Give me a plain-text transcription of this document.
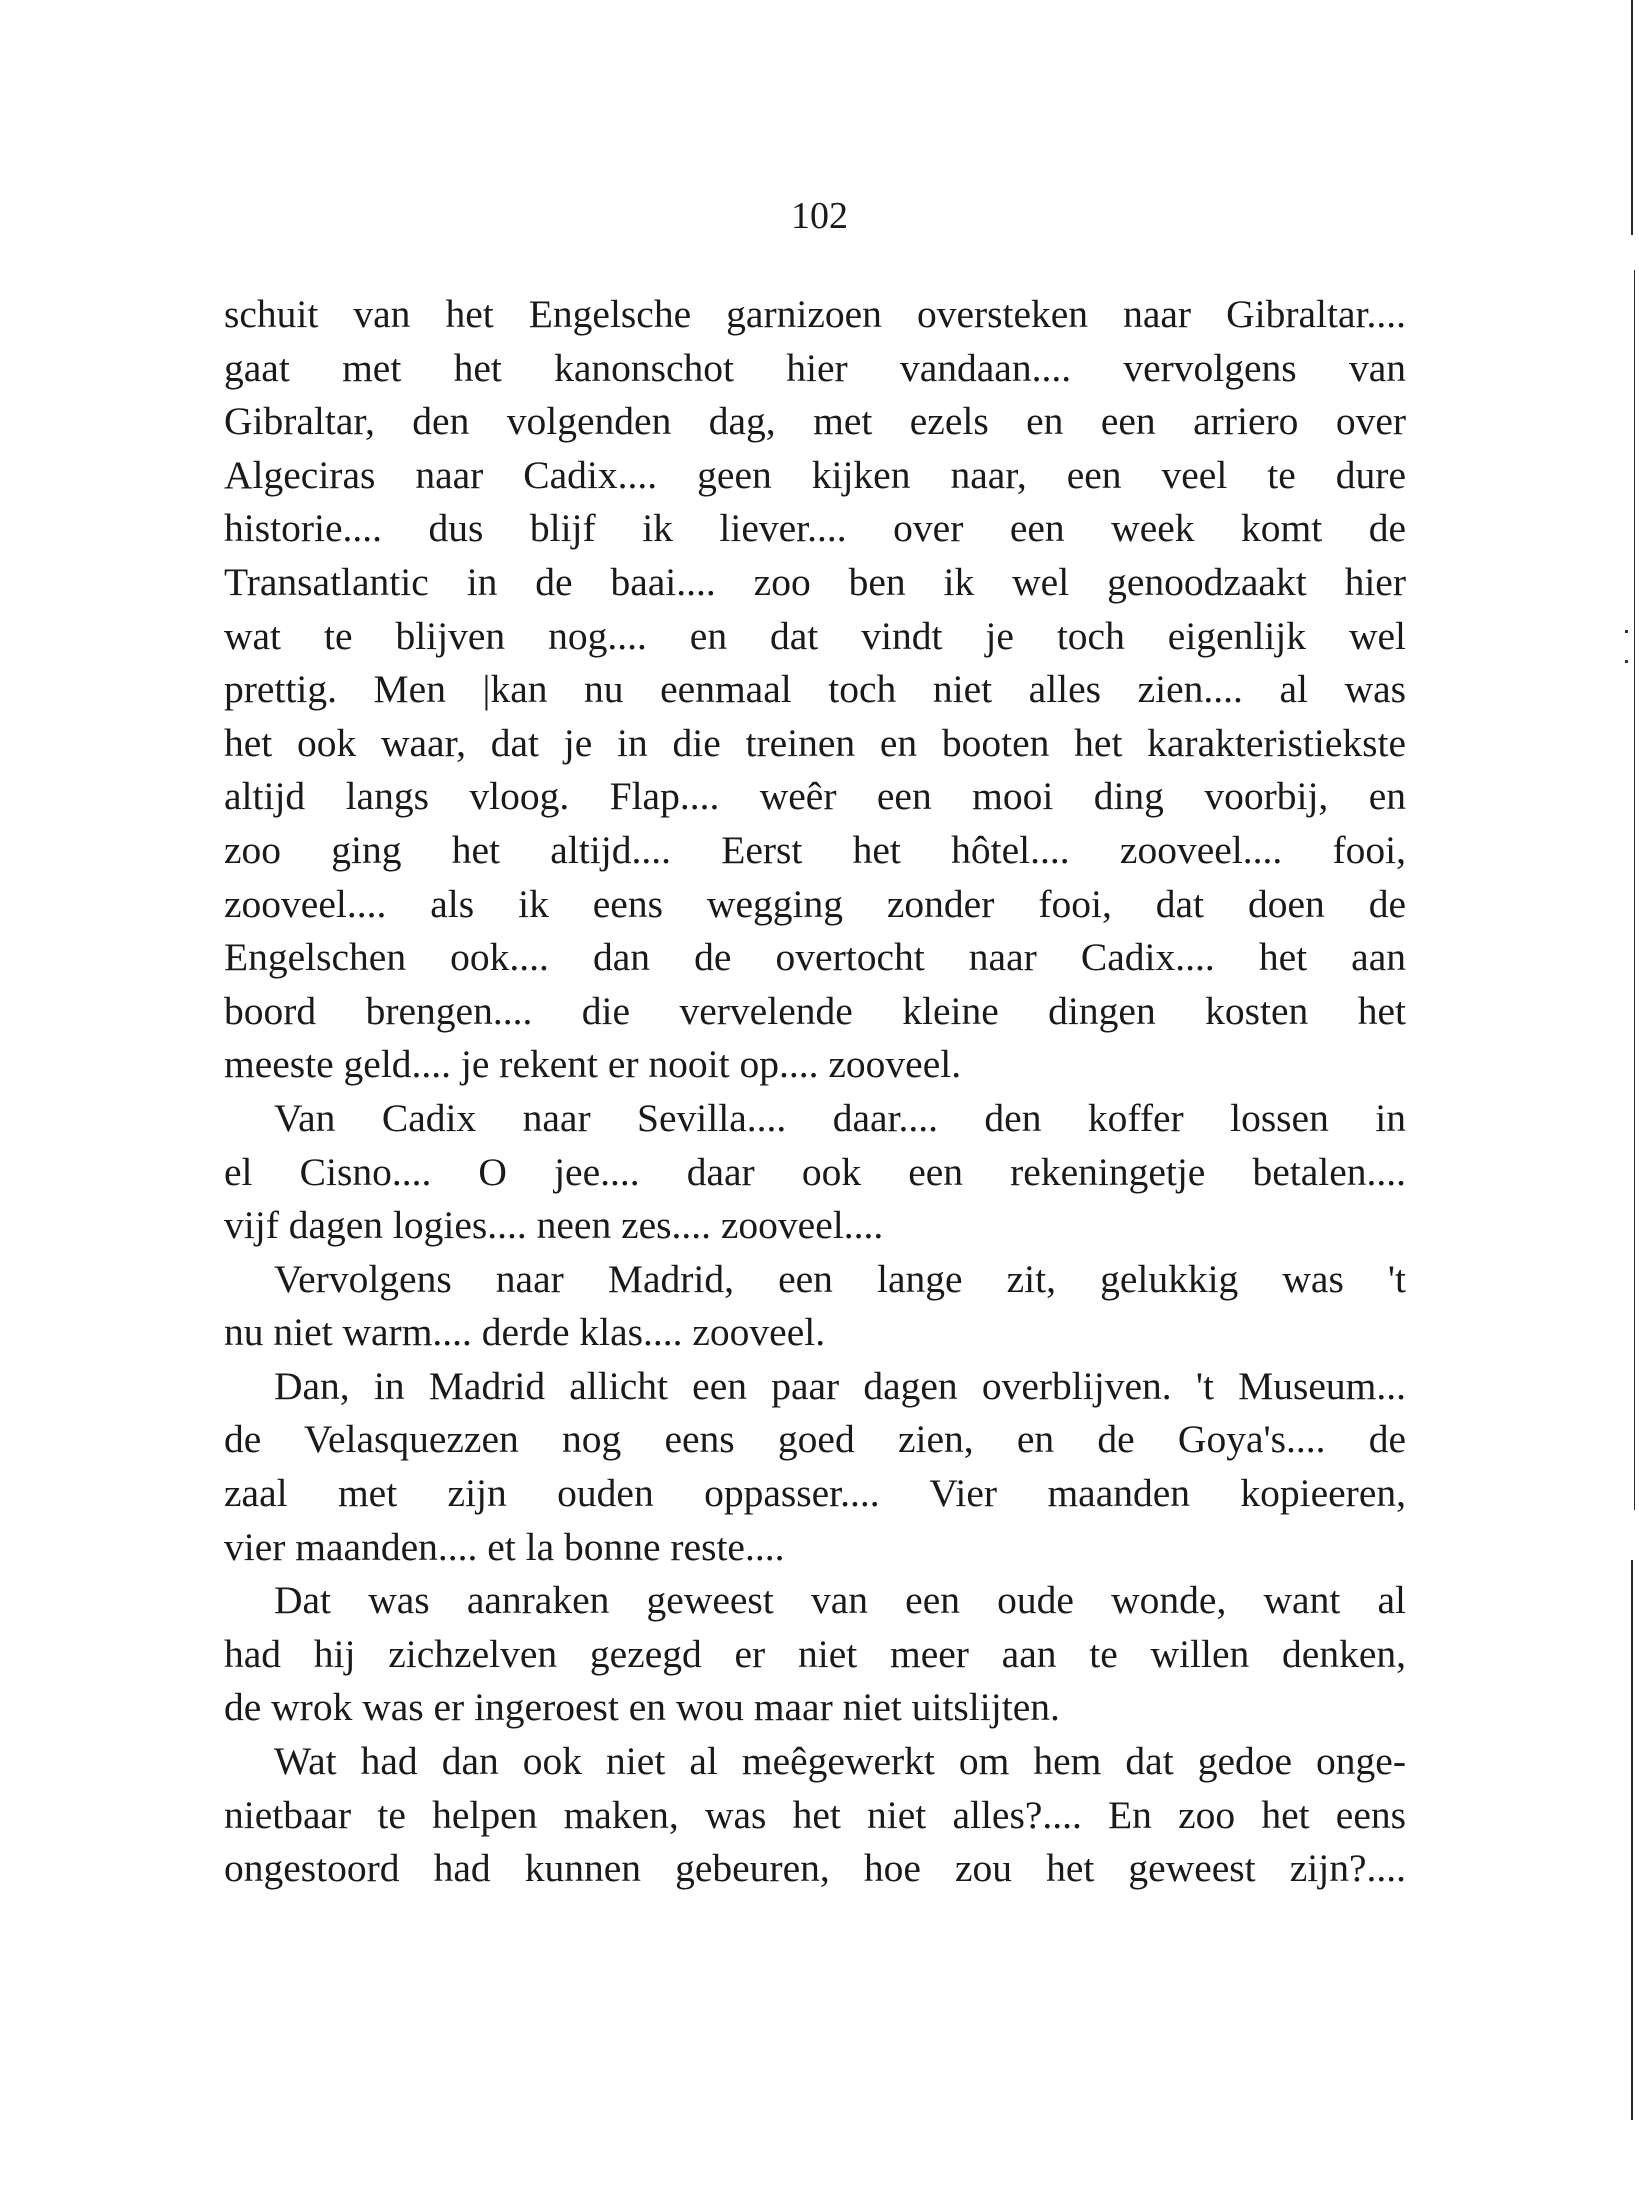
102
schuit van het Engelsche garnizoen oversteken naar Gibraltar....
gaat met het kanonschot hier vandaan.... vervolgens van
Gibraltar, den volgenden dag, met ezels en een arriero over
Algeciras naar Cadix.... geen kijken naar, een veel te dure
historie.... dus blijf ik liever.... over een week komt de
Transatlantic in de baai.... zoo ben ik wel genoodzaakt hier
wat te blijven nog.... en dat vindt je toch eigenlijk wel
prettig. Men |kan nu eenmaal toch niet alles zien.... al was
het ook waar, dat je in die treinen en booten het karakteristiekste
altijd langs vloog. Flap.... weêr een mooi ding voorbij, en
zoo ging het altijd.... Eerst het hôtel.... zooveel.... fooi,
zooveel.... als ik eens wegging zonder fooi, dat doen de
Engelschen ook.... dan de overtocht naar Cadix.... het aan
boord brengen.... die vervelende kleine dingen kosten het
meeste geld.... je rekent er nooit op.... zooveel.
Van Cadix naar Sevilla.... daar.... den koffer lossen in
el Cisno.... O jee.... daar ook een rekeningetje betalen....
vijf dagen logies.... neen zes.... zooveel....
Vervolgens naar Madrid, een lange zit, gelukkig was 't
nu niet warm.... derde klas.... zooveel.
Dan, in Madrid allicht een paar dagen overblijven. 't Museum...
de Velasquezzen nog eens goed zien, en de Goya's.... de
zaal met zijn ouden oppasser.... Vier maanden kopieeren,
vier maanden.... et la bonne reste....
Dat was aanraken geweest van een oude wonde, want al
had hij zichzelven gezegd er niet meer aan te willen denken,
de wrok was er ingeroest en wou maar niet uitslijten.
Wat had dan ook niet al meêgewerkt om hem dat gedoe onge-
nietbaar te helpen maken, was het niet alles?.... En zoo het eens
ongestoord had kunnen gebeuren, hoe zou het geweest zijn?....
